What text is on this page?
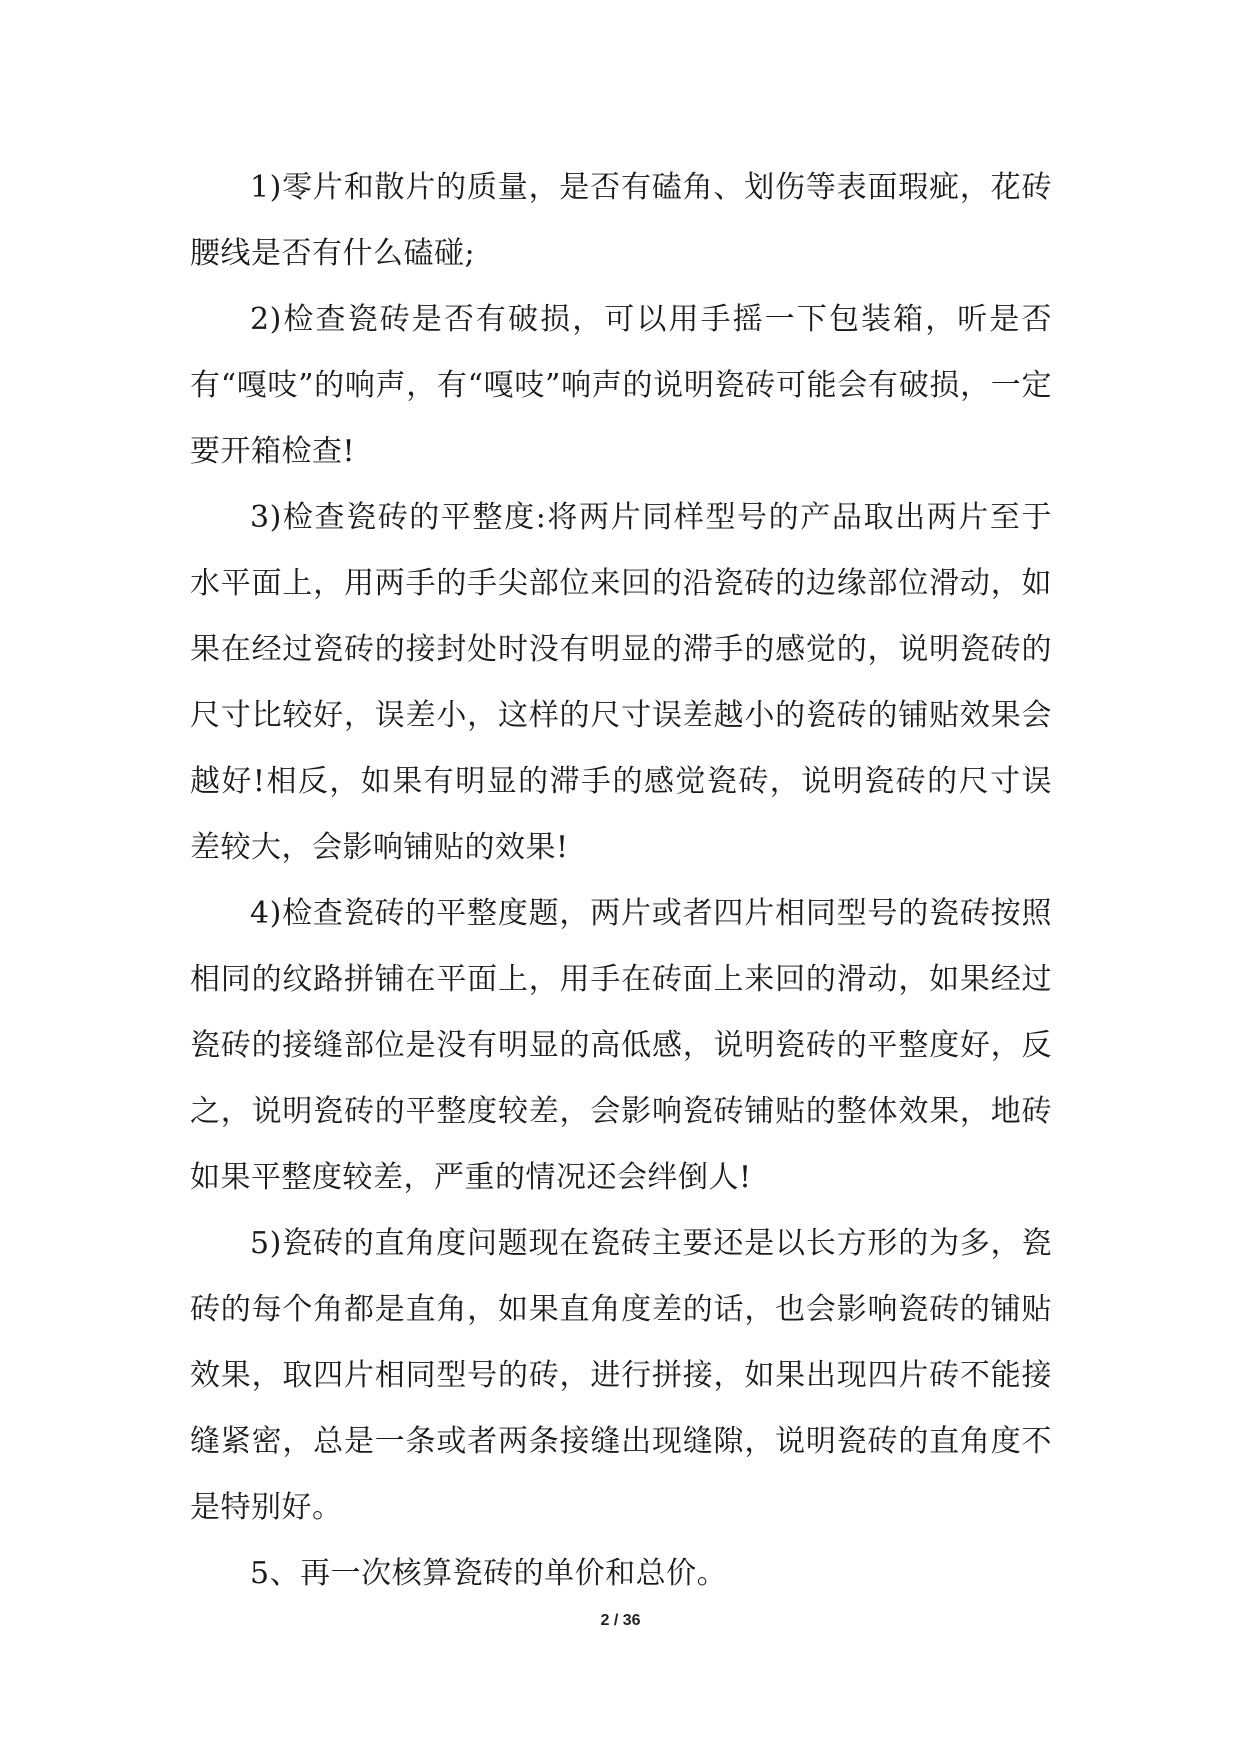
1)零片和散片的质量，是否有磕角、划伤等表面瑕疵，花砖腰线是否有什么磕碰;

2)检查瓷砖是否有破损，可以用手摇一下包装箱，听是否有“嘎吱”的响声，有“嘎吱”响声的说明瓷砖可能会有破损，一定要开箱检查!

3)检查瓷砖的平整度:将两片同样型号的产品取出两片至于水平面上，用两手的手尖部位来回的沿瓷砖的边缘部位滑动，如果在经过瓷砖的接封处时没有明显的滞手的感觉的，说明瓷砖的尺寸比较好，误差小，这样的尺寸误差越小的瓷砖的铺贴效果会越好!相反，如果有明显的滞手的感觉瓷砖，说明瓷砖的尺寸误差较大，会影响铺贴的效果!

4)检查瓷砖的平整度题，两片或者四片相同型号的瓷砖按照相同的纹路拼铺在平面上，用手在砖面上来回的滑动，如果经过瓷砖的接缝部位是没有明显的高低感，说明瓷砖的平整度好，反之，说明瓷砖的平整度较差，会影响瓷砖铺贴的整体效果，地砖如果平整度较差，严重的情况还会绊倒人!

5)瓷砖的直角度问题现在瓷砖主要还是以长方形的为多，瓷砖的每个角都是直角，如果直角度差的话，也会影响瓷砖的铺贴效果，取四片相同型号的砖，进行拼接，如果出现四片砖不能接缝紧密，总是一条或者两条接缝出现缝隙，说明瓷砖的直角度不是特别好。

5、再一次核算瓷砖的单价和总价。

2 / 36
